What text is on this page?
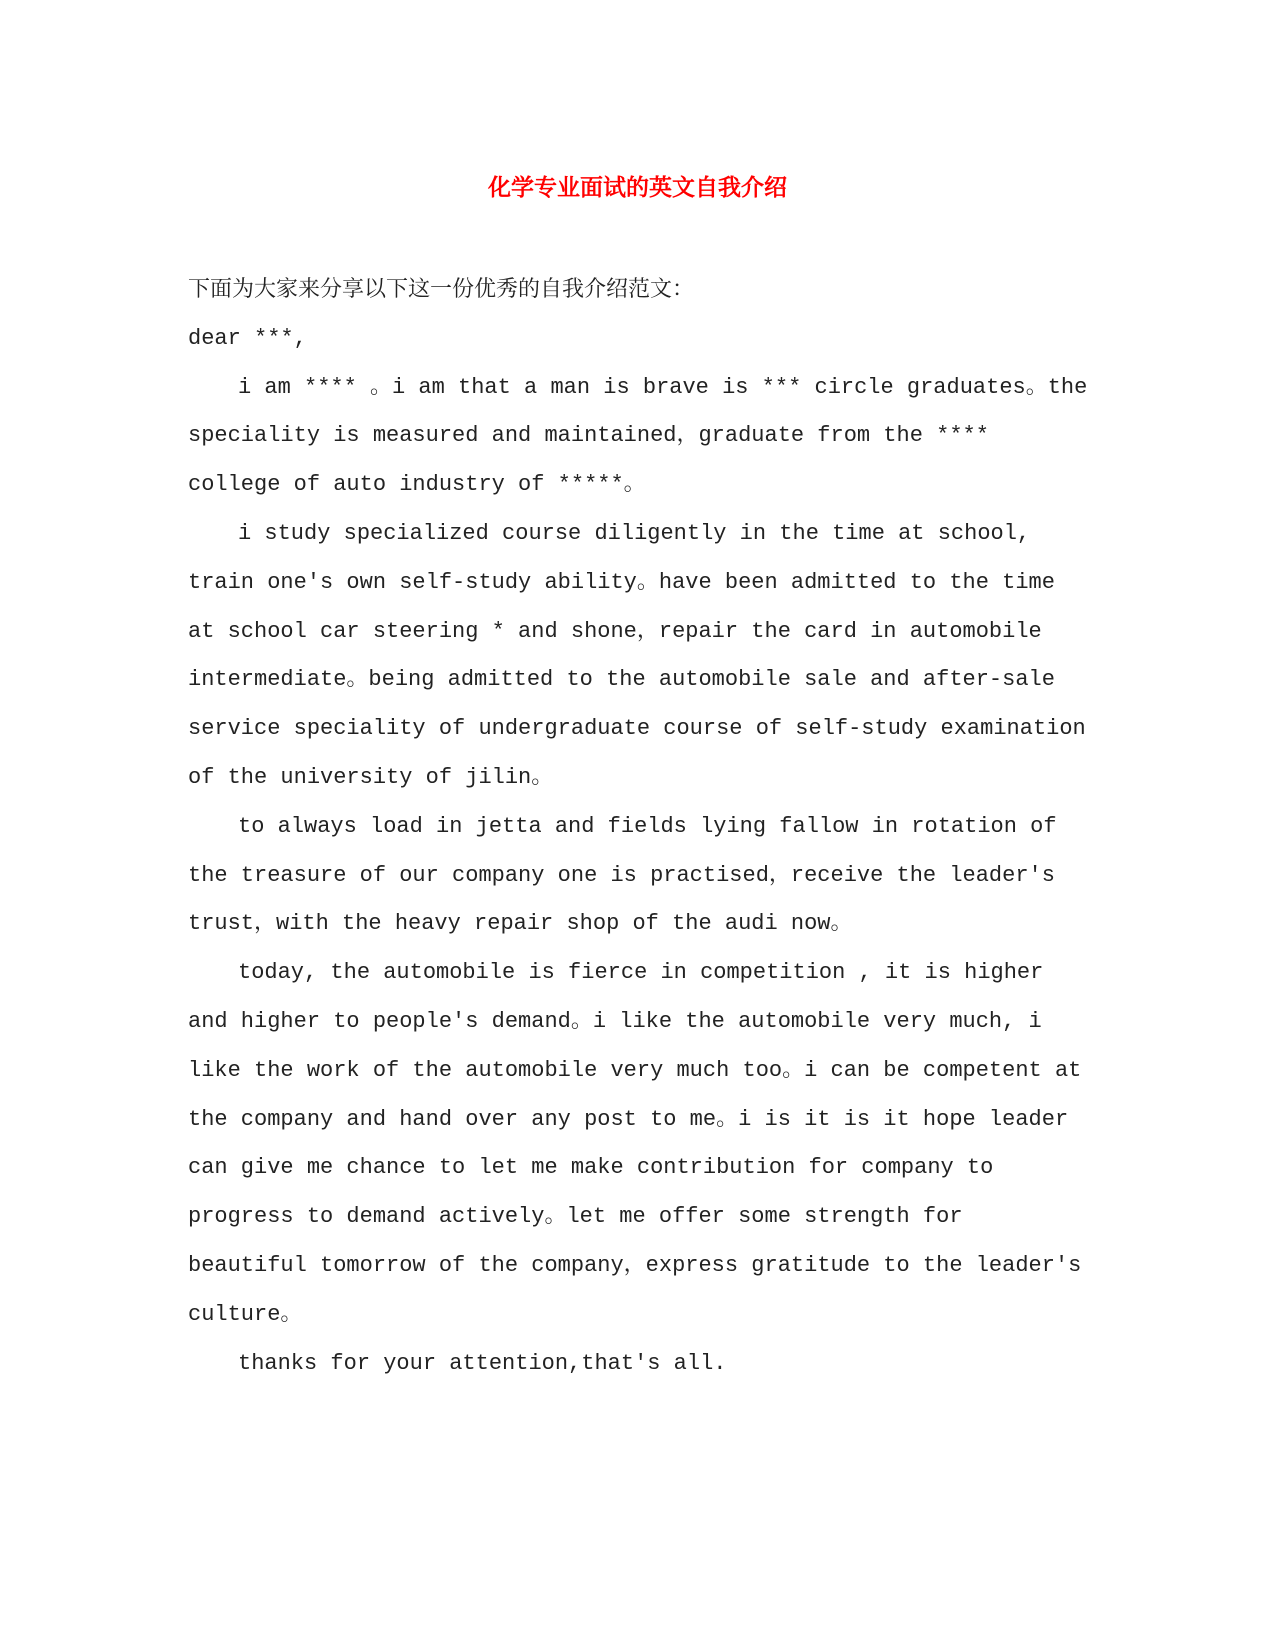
化学专业面试的英文自我介绍

下面为大家来分享以下这一份优秀的自我介绍范文：

dear ***,

i am **** 。i am that a man is brave is *** circle graduates。the speciality is measured and maintained，graduate from the **** college of auto industry of *****。

i study specialized course diligently in the time at school, train one's own self-study ability。have been admitted to the time at school car steering * and shone，repair the card in automobile intermediate。being admitted to the automobile sale and after-sale service speciality of undergraduate course of self-study examination of the university of jilin。

to always load in jetta and fields lying fallow in rotation of the treasure of our company one is practised，receive the leader's trust，with the heavy repair shop of the audi now。

today, the automobile is fierce in competition , it is higher and higher to people's demand。i like the automobile very much, i like the work of the automobile very much too。i can be competent at the company and hand over any post to me。i is it is it hope leader can give me chance to let me make contribution for company to progress to demand actively。let me offer some strength for beautiful tomorrow of the company，express gratitude to the leader's culture。

thanks for your attention,that's all.
